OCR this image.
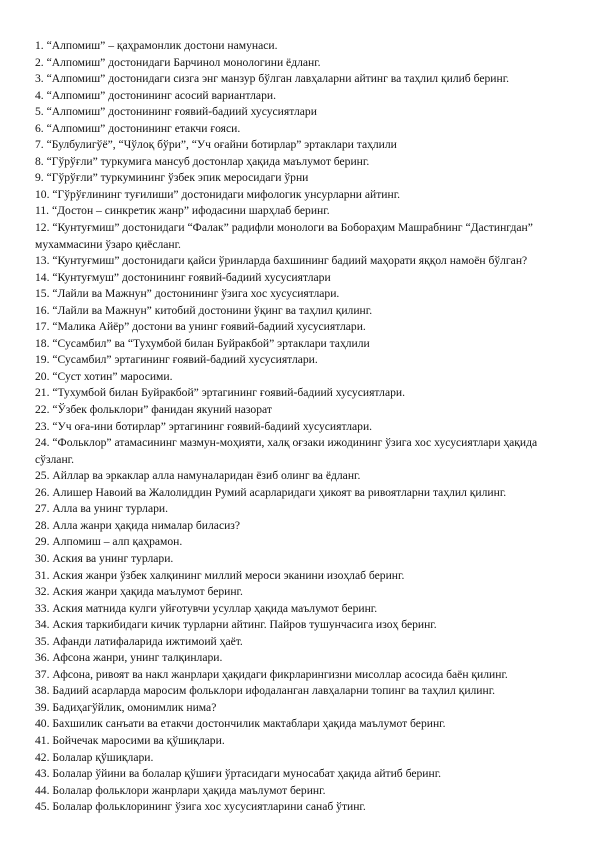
1. “Алпомиш” – қаҳрамонлик достони намунаси.
2. “Алпомиш” достонидаги Барчинол монологини ёдланг.
3. “Алпомиш” достонидаги сизга энг манзур бўлган лавҳаларни айтинг ва таҳлил қилиб беринг.
4. “Алпомиш” достонининг асосий вариантлари.
5. “Алпомиш” достонининг ғоявий-бадиий хусусиятлари
6. “Алпомиш” достонининг етакчи ғояси.
7. “Булбулигўё”, “Чўлоқ бўри”, “Уч оғайни ботирлар” эртаклари таҳлили
8. “Гўрўғли” туркумига мансуб достонлар ҳақида маълумот беринг.
9. “Гўрўғли” туркумининг ўзбек эпик меросидаги ўрни
10. “Гўрўғлининг туғилиши” достонидаги мифологик унсурларни айтинг.
11. “Достон – синкретик жанр” ифодасини шарҳлаб беринг.
12. “Кунтуғмиш” достонидаги “Фалак” радифли монологи ва Бобораҳим Машрабнинг “Дастингдан” мухаммасини ўзаро қиёсланг.
13. “Кунтуғмиш” достонидаги қайси ўринларда бахшининг бадиий маҳорати яққол намоён бўлган?
14. “Кунтуғмуш” достонининг ғоявий-бадиий хусусиятлари
15. “Лайли ва Мажнун” достонининг ўзига хос хусусиятлари.
16. “Лайли ва Мажнун” китобий достонини ўқинг ва таҳлил қилинг.
17. “Малика Айёр” достони ва унинг ғоявий-бадиий хусусиятлари.
18. “Сусамбил” ва “Тухумбой билан Буйракбой” эртаклари таҳлили
19. “Сусамбил” эртагининг ғоявий-бадиий хусусиятлари.
20. “Суст хотин” маросими.
21. “Тухумбой билан Буйракбой” эртагининг ғоявий-бадиий хусусиятлари.
22. “Ўзбек фольклори” фанидан якуний назорат
23. “Уч оға-ини ботирлар” эртагининг ғоявий-бадиий хусусиятлари.
24. “Фольклор” атамасининг мазмун-моҳияти, халқ оғзаки ижодининг ўзига хос хусусиятлари ҳақида сўзланг.
25. Айллар ва эркаклар алла намуналаридан ёзиб олинг ва ёдланг.
26. Алишер Навоий ва Жалолиддин Румий асарларидаги ҳикоят ва ривоятларни таҳлил қилинг.
27. Алла ва унинг турлари.
28. Алла жанри ҳақида нималар биласиз?
29. Алпомиш – алп қаҳрамон.
30. Аския ва унинг турлари.
31. Аския жанри ўзбек халқининг миллий мероси эканини изоҳлаб беринг.
32. Аския жанри ҳақида маълумот беринг.
33. Аския матнида кулги уйғотувчи усуллар ҳақида маълумот беринг.
34. Аския таркибидаги кичик турларни айтинг. Пайров тушунчасига изоҳ беринг.
35. Афанди латифаларида ижтимоий ҳаёт.
36. Афсона жанри, унинг талқинлари.
37. Афсона, ривоят ва накл жанрлари ҳақидаги фикрларингизни мисоллар асосида баён қилинг.
38. Бадиий асарларда маросим фольклори ифодаланган лавҳаларни топинг ва таҳлил қилинг.
39. Бадиҳагўйлик, омонимлик нима?
40. Бахшилик санъати ва етакчи достончилик мактаблари ҳақида маълумот беринг.
41. Бойчечак маросими ва қўшиқлари.
42. Болалар қўшиқлари.
43. Болалар ўйини ва болалар қўшиғи ўртасидаги муносабат ҳақида айтиб беринг.
44. Болалар фольклори жанрлари ҳақида маълумот беринг.
45. Болалар фольклорининг ўзига хос хусусиятларини санаб ўтинг.
